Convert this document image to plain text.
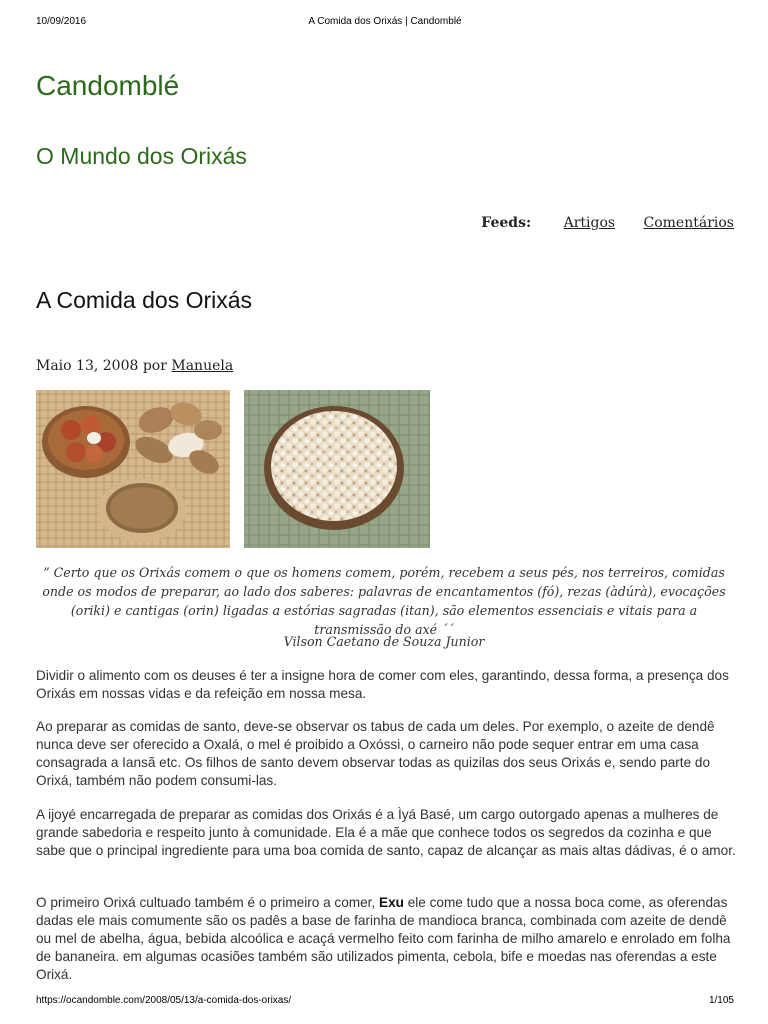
10/09/2016	A Comida dos Orixás | Candomblé
Candomblé
O Mundo dos Orixás
Feeds: Artigos Comentários
A Comida dos Orixás
Maio 13, 2008 por Manuela
” Certo que os Orixás comem o que os homens comem, porém, recebem a seus pés, nos terreiros, comidas onde os modos de preparar, ao lado dos saberes: palavras de encantamentos (fó), rezas (àdúrà), evocações (oriki) e cantigas (orin) ligadas a estórias sagradas (itan), são elementos essenciais e vitais para a transmissão do axé ´´
Vilson Caetano de Souza Junior

Dividir o alimento com os deuses é ter a insigne hora de comer com eles, garantindo, dessa forma, a presença dos Orixás em nossas vidas e da refeição em nossa mesa.

Ao preparar as comidas de santo, deve-se observar os tabus de cada um deles. Por exemplo, o azeite de dendê nunca deve ser oferecido a Oxalá, o mel é proibido a Oxóssi, o carneiro não pode sequer entrar em uma casa consagrada a Iansã etc. Os filhos de santo devem observar todas as quizilas dos seus Orixás e, sendo parte do Orixá, também não podem consumi-las.

A ijoyé encarregada de preparar as comidas dos Orixás é a Ìyá Basé, um cargo outorgado apenas a mulheres de grande sabedoria e respeito junto à comunidade. Ela é a mãe que conhece todos os segredos da cozinha e que sabe que o principal ingrediente para uma boa comida de santo, capaz de alcançar as mais altas dádivas, é o amor.

O primeiro Orixá cultuado também é o primeiro a comer, Exu ele come tudo que a nossa boca come, as oferendas dadas ele mais comumente são os padês a base de farinha de mandioca branca, combinada com azeite de dendê ou mel de abelha, água, bebida alcoólica e acaçá vermelho feito com farinha de milho amarelo e enrolado em folha de bananeira. em algumas ocasiões também são utilizados pimenta, cebola, bife e moedas nas oferendas a este Orixá.

https://ocandomble.com/2008/05/13/a-comida-dos-orixas/	1/105
